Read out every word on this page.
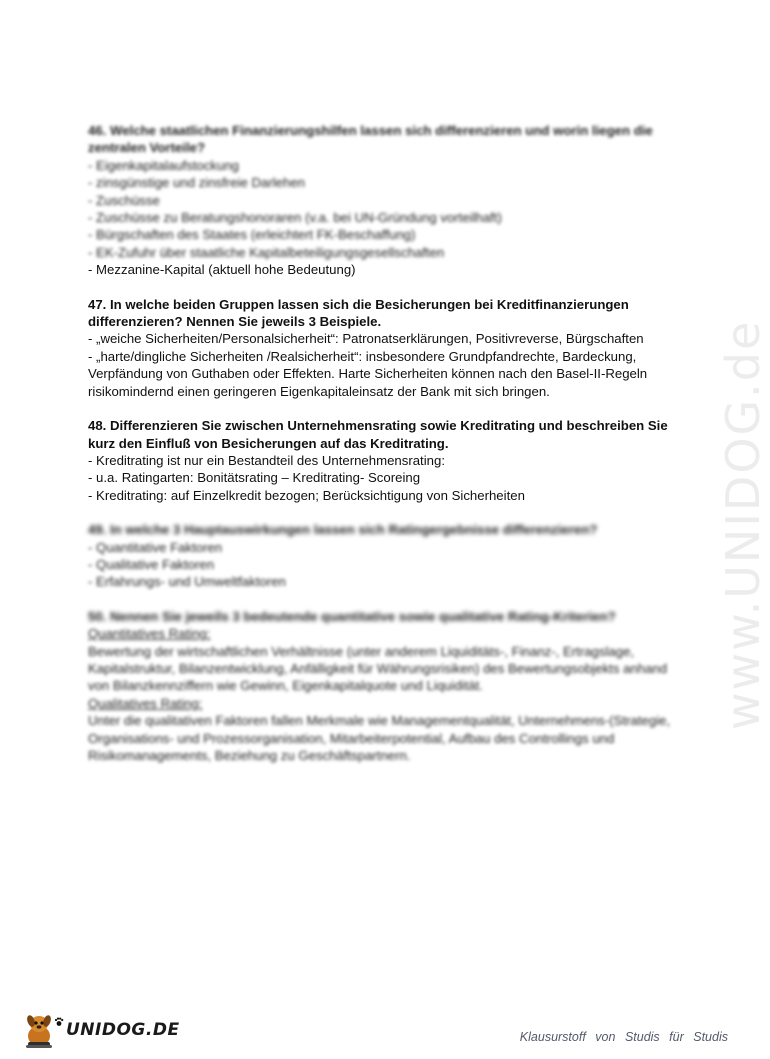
www.UNIDOG.de
46. Welche staatlichen Finanzierungshilfen lassen sich differenzieren und worin liegen die zentralen Vorteile?
- Eigenkapitalaufstockung
- zinsgünstige und zinsfreie Darlehen
- Zuschüsse
- Zuschüsse zu Beratungshonoraren (v.a. bei UN-Gründung vorteilhaft)
- Bürgschaften des Staates (erleichtert FK-Beschaffung)
- EK-Zufuhr über staatliche Kapitalbeteiligungsgesellschaften
- Mezzanine-Kapital (aktuell hohe Bedeutung)
47. In welche beiden Gruppen lassen sich die Besicherungen bei Kreditfinanzierungen differenzieren? Nennen Sie jeweils 3 Beispiele.
- „weiche Sicherheiten/Personalsicherheit“: Patronatserklärungen, Positivreverse, Bürgschaften
- „harte/dingliche Sicherheiten /Realsicherheit“: insbesondere Grundpfandrechte, Bardeckung, Verpfändung von Guthaben oder Effekten. Harte Sicherheiten können nach den Basel-II-Regeln risikomindernd einen geringeren Eigenkapitaleinsatz der Bank mit sich bringen.
48. Differenzieren Sie zwischen Unternehmensrating sowie Kreditrating und beschreiben Sie kurz den Einfluß von Besicherungen auf das Kreditrating.
- Kreditrating ist nur ein Bestandteil des Unternehmensrating:
- u.a. Ratingarten: Bonitätsrating – Kreditrating- Scoreing
- Kreditrating: auf Einzelkredit bezogen; Berücksichtigung von Sicherheiten
49. In welche 3 Hauptauswirkungen lassen sich Ratingergebnisse differenzieren?
- Quantitative Faktoren
- Qualitative Faktoren
- Erfahrungs- und Umweltfaktoren
50. Nennen Sie jeweils 3 bedeutende quantitative sowie qualitative Rating-Kriterien?
Quantitatives Rating:
Bewertung der wirtschaftlichen Verhältnisse (unter anderem Liquiditäts-, Finanz-, Ertragslage, Kapitalstruktur, Bilanzentwicklung, Anfälligkeit für Währungsrisiken) des Bewertungsobjekts anhand von Bilanzkennziffern wie Gewinn, Eigenkapitalquote und Liquidität.
Qualitatives Rating:
Unter die qualitativen Faktoren fallen Merkmale wie Managementqualität, Unternehmens-(Strategie, Organisations- und Prozessorganisation, Mitarbeiterpotential, Aufbau des Controllings und Risikomanagements, Beziehung zu Geschäftspartnern.
UNIDOG.DE	Klausurstoff von Studis für Studis
